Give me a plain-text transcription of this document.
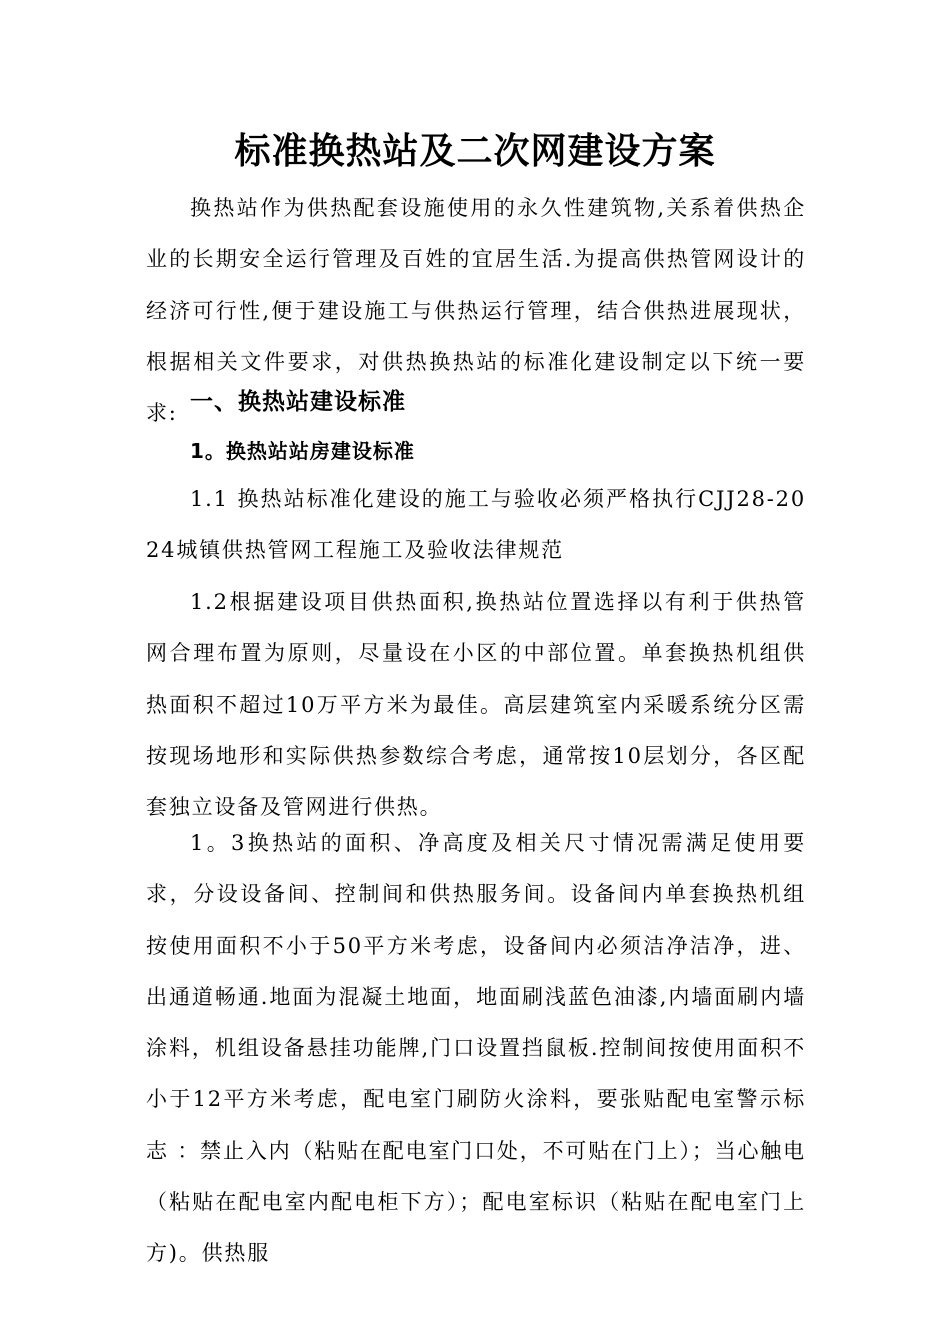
标准换热站及二次网建设方案
换热站作为供热配套设施使用的永久性建筑物,关系着供热企业的长期安全运行管理及百姓的宜居生活.为提高供热管网设计的经济可行性,便于建设施工与供热运行管理，结合供热进展现状，根据相关文件要求，对供热换热站的标准化建设制定以下统一要求: 一、换热站建设标准
1。换热站站房建设标准
1.1 换热站标准化建设的施工与验收必须严格执行CJJ28-2024城镇供热管网工程施工及验收法律规范
1.2根据建设项目供热面积,换热站位置选择以有利于供热管网合理布置为原则，尽量设在小区的中部位置。单套换热机组供热面积不超过10万平方米为最佳。高层建筑室内采暖系统分区需按现场地形和实际供热参数综合考虑，通常按10层划分，各区配套独立设备及管网进行供热。
1。3换热站的面积、净高度及相关尺寸情况需满足使用要求，分设设备间、控制间和供热服务间。设备间内单套换热机组按使用面积不小于50平方米考虑，设备间内必须洁净洁净，进、出通道畅通.地面为混凝土地面，地面刷浅蓝色油漆,内墙面刷内墙涂料，机组设备悬挂功能牌,门口设置挡鼠板.控制间按使用面积不小于12平方米考虑，配电室门刷防火涂料，要张贴配电室警示标志 ：禁止入内（粘贴在配电室门口处，不可贴在门上）；当心触电（粘贴在配电室内配电柜下方）；配电室标识（粘贴在配电室门上方)。供热服
